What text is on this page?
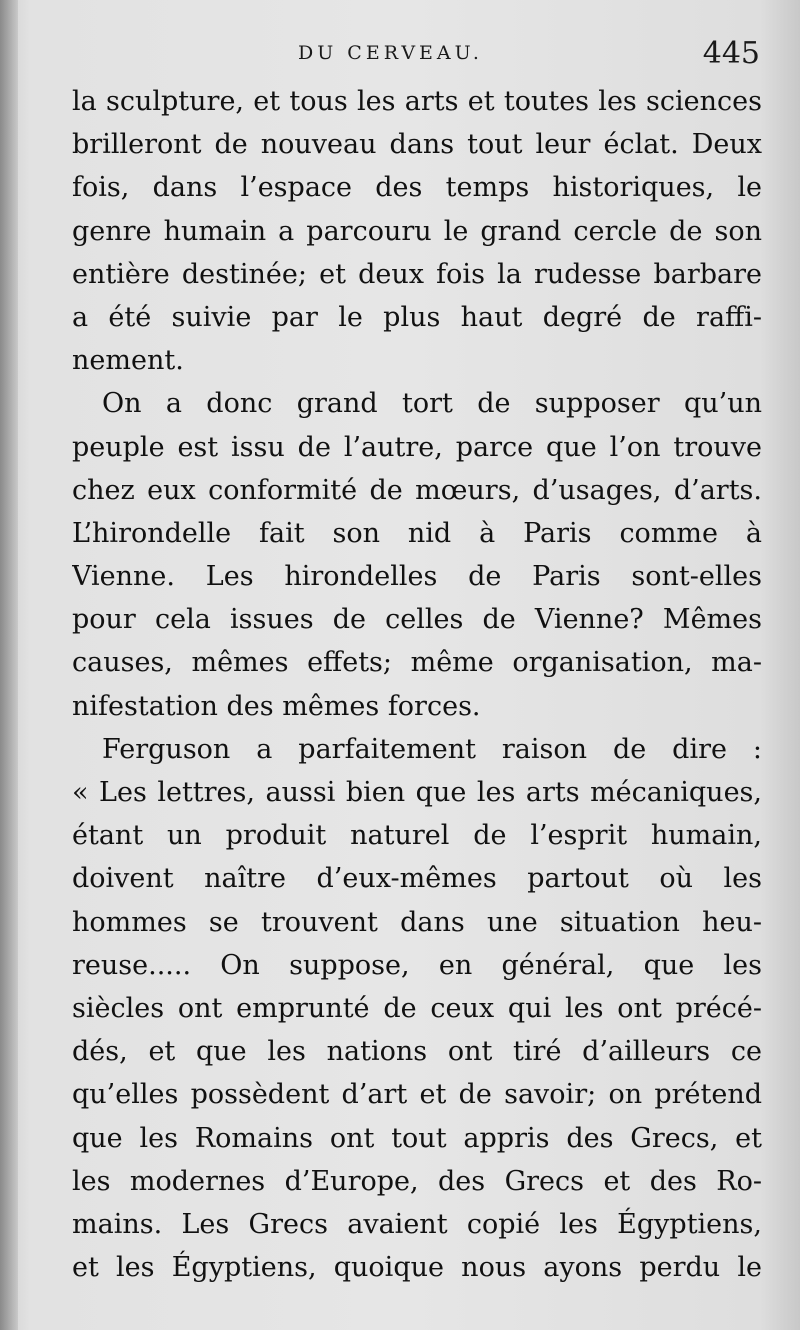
DU CERVEAU.	445
la sculpture, et tous les arts et toutes les sciences
brilleront de nouveau dans tout leur éclat. Deux
fois, dans l’espace des temps historiques, le
genre humain a parcouru le grand cercle de son
entière destinée; et deux fois la rudesse barbare
a été suivie par le plus haut degré de raffi-
nement.
On a donc grand tort de supposer qu’un
peuple est issu de l’autre, parce que l’on trouve
chez eux conformité de mœurs, d’usages, d’arts.
L’hirondelle fait son nid à Paris comme à
Vienne. Les hirondelles de Paris sont-elles
pour cela issues de celles de Vienne? Mêmes
causes, mêmes effets; même organisation, ma-
nifestation des mêmes forces.
Ferguson a parfaitement raison de dire :
« Les lettres, aussi bien que les arts mécaniques,
étant un produit naturel de l’esprit humain,
doivent naître d’eux-mêmes partout où les
hommes se trouvent dans une situation heu-
reuse..... On suppose, en général, que les
siècles ont emprunté de ceux qui les ont précé-
dés, et que les nations ont tiré d’ailleurs ce
qu’elles possèdent d’art et de savoir; on prétend
que les Romains ont tout appris des Grecs, et
les modernes d’Europe, des Grecs et des Ro-
mains. Les Grecs avaient copié les Égyptiens,
et les Égyptiens, quoique nous ayons perdu le
